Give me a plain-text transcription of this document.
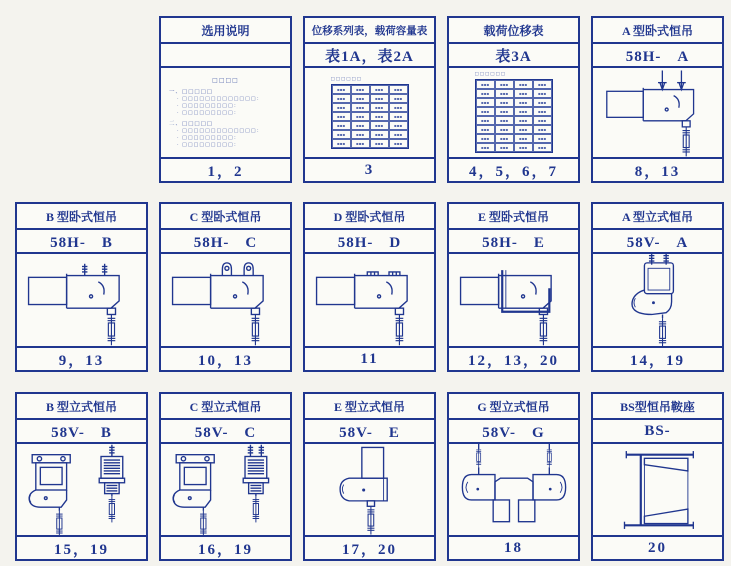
选用说明
□□□□
一、□□□□□
· □□□□□□□□□□□□□：
· □□□□□□□□□：
· □□□□□□□□□：
二、□□□□□
· □□□□□□□□□□□□□：
· □□□□□□□□□：
· □□□□□□□□□：
1，2
位移系列表，载荷容量表
表1A，表2A
□□□□□□
▪▪▪	▪▪▪	▪▪▪	▪▪▪
▪▪▪	▪▪▪	▪▪▪	▪▪▪
▪▪▪	▪▪▪	▪▪▪	▪▪▪
▪▪▪	▪▪▪	▪▪▪	▪▪▪
▪▪▪	▪▪▪	▪▪▪	▪▪▪
▪▪▪	▪▪▪	▪▪▪	▪▪▪
▪▪▪	▪▪▪	▪▪▪	▪▪▪
3
载荷位移表
表3A
□□□□□□
▪▪▪	▪▪▪	▪▪▪	▪▪▪
▪▪▪	▪▪▪	▪▪▪	▪▪▪
▪▪▪	▪▪▪	▪▪▪	▪▪▪
▪▪▪	▪▪▪	▪▪▪	▪▪▪
▪▪▪	▪▪▪	▪▪▪	▪▪▪
▪▪▪	▪▪▪	▪▪▪	▪▪▪
▪▪▪	▪▪▪	▪▪▪	▪▪▪
▪▪▪	▪▪▪	▪▪▪	▪▪▪
4，5，6，7
A 型卧式恒吊
58H-　A
8，13
B 型卧式恒吊
58H-　B
9，13
C 型卧式恒吊
58H-　C
10，13
D 型卧式恒吊
58H-　D
11
E 型卧式恒吊
58H-　E
12，13，20
A 型立式恒吊
58V-　A
14，19
B 型立式恒吊
58V-　B
15，19
C 型立式恒吊
58V-　C
16，19
E 型立式恒吊
58V-　E
17，20
G 型立式恒吊
58V-　G
18
BS型恒吊鞍座
BS-
20
